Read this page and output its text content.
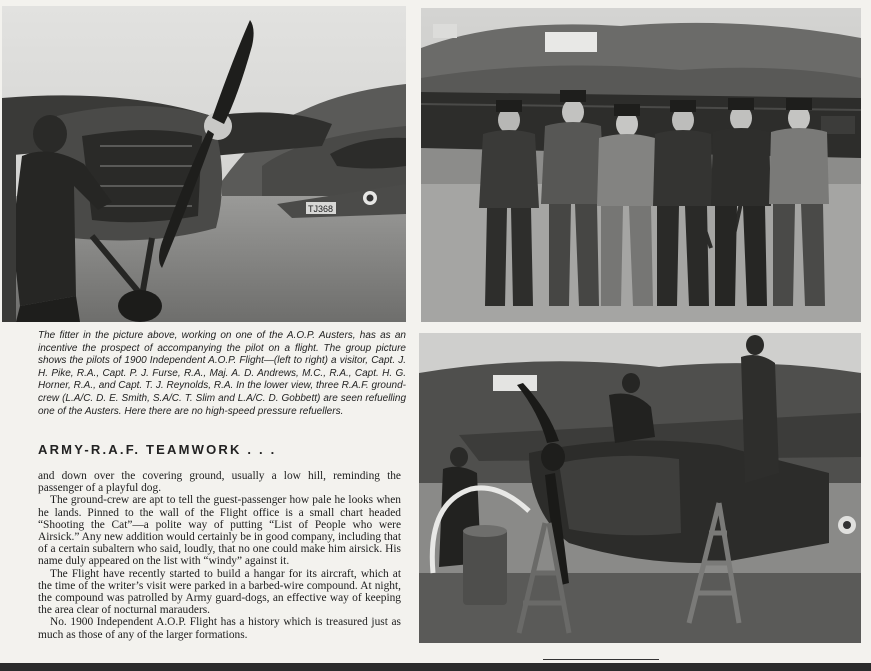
TJ368

The fitter in the picture above, working on one of the A.O.P. Austers, has as an incentive the prospect of accompanying the pilot on a flight. The group picture shows the pilots of 1900 Independent A.O.P. Flight—(left to right) a visitor, Capt. J. H. Pike, R.A., Capt. P. J. Furse, R.A., Maj. A. D. Andrews, M.C., R.A., Capt. H. G. Horner, R.A., and Capt. T. J. Reynolds, R.A. In the lower view, three R.A.F. ground-crew (L.A/C. D. E. Smith, S.A/C. T. Slim and L.A/C. D. Gobbett) are seen refuelling one of the Austers. Here there are no high-speed pressure refuellers.

ARMY-R.A.F. TEAMWORK . . .

and down over the covering ground, usually a low hill, reminding the passenger of a playful dog.

The ground-crew are apt to tell the guest-passenger how pale he looks when he lands. Pinned to the wall of the Flight office is a small chart headed “Shooting the Cat”—a polite way of putting “List of People who were Airsick.” Any new addition would certainly be in good company, including that of a certain subaltern who said, loudly, that no one could make him airsick. His name duly appeared on the list with “windy” against it.

The Flight have recently started to build a hangar for its aircraft, which at the time of the writer’s visit were parked in a barbed-wire compound. At night, the compound was patrolled by Army guard-dogs, an effective way of keeping the area clear of nocturnal marauders.

No. 1900 Independent A.O.P. Flight has a history which is treasured just as much as those of any of the larger formations.
